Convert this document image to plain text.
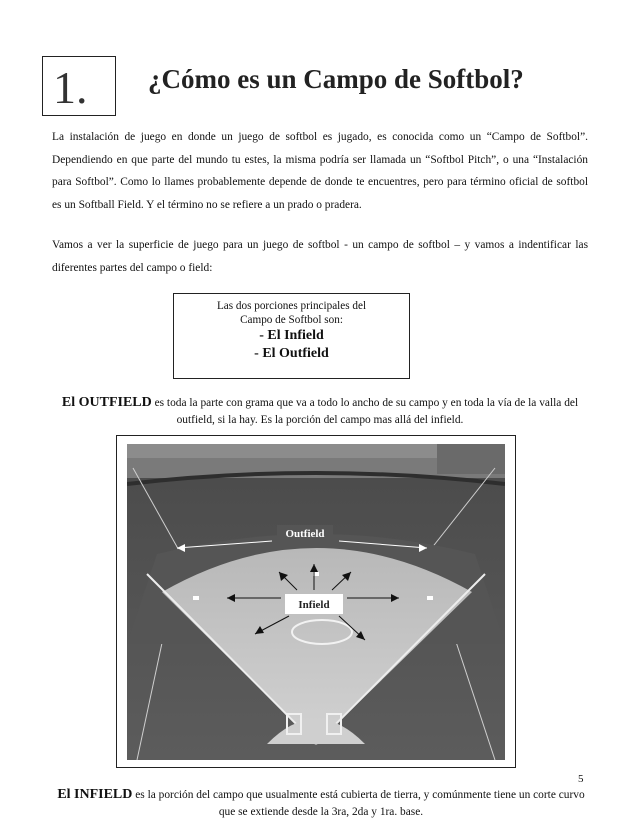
1. ¿Cómo es un Campo de Softbol?

La instalación de juego en donde un juego de softbol es jugado, es conocida como un “Campo de Softbol”. Dependiendo en que parte del mundo tu estes, la misma podría ser llamada un “Softbol Pitch”, o una “Instalación para Softbol”. Como lo llames probablemente depende de donde te encuentres, pero para término oficial de softbol es un Softball Field. Y el término no se refiere a un prado o pradera.

Vamos a ver la superficie de juego para un juego de softbol - un campo de softbol – y vamos a indentificar las diferentes partes del campo o field:

Las dos porciones principales del Campo de Softbol son:
- El Infield
- El Outfield
El OUTFIELD es toda la parte con grama que va a todo lo ancho de su campo y en toda la vía de la valla del outfield, si la hay. Es la porción del campo mas allá del infield.
Outfield
Infield
5
El INFIELD es la porción del campo que usualmente está cubierta de tierra, y comúnmente tiene un corte curvo que se extiende desde la 3ra, 2da y 1ra. base.
